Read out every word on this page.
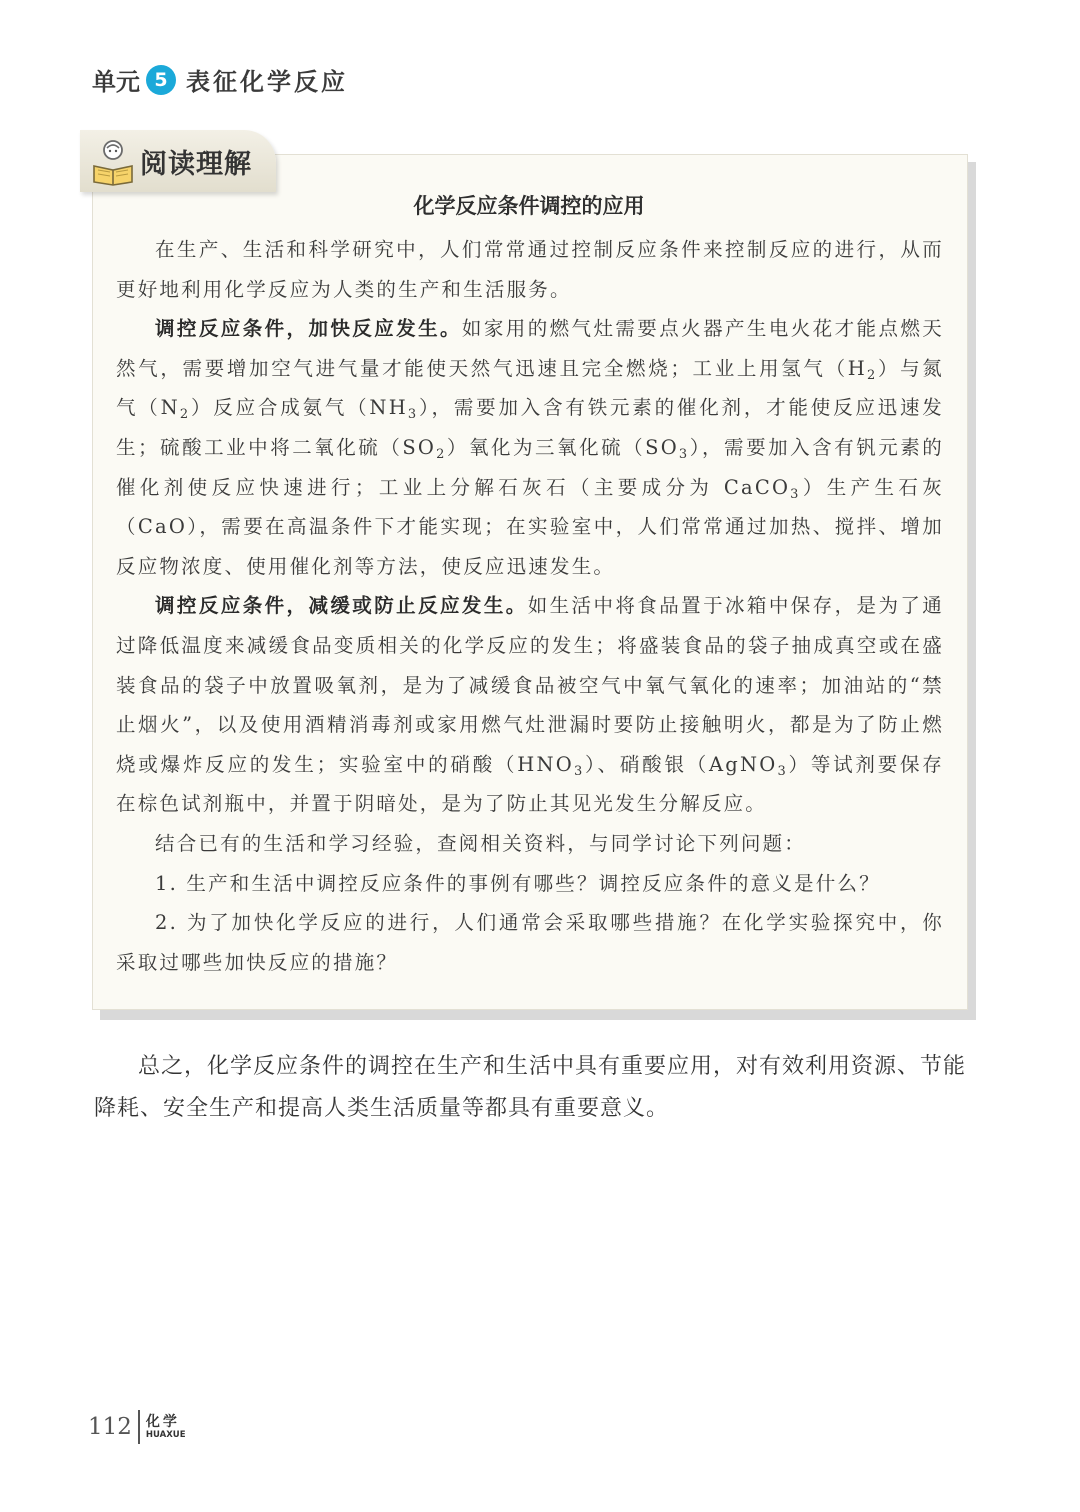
单元 5 表征化学反应
阅读理解
化学反应条件调控的应用

在生产、生活和科学研究中，人们常常通过控制反应条件来控制反应的进行，从而更好地利用化学反应为人类的生产和生活服务。

调控反应条件，加快反应发生。如家用的燃气灶需要点火器产生电火花才能点燃天然气，需要增加空气进气量才能使天然气迅速且完全燃烧；工业上用氢气$(H_2)$与氮气$(N_2)$反应合成氨气$(NH_3)$，需要加入含有铁元素的催化剂，才能使反应迅速发生；硫酸工业中将二氧化硫$(SO_2)$氧化为三氧化硫$(SO_3)$，需要加入含有钒元素的催化剂使反应快速进行；工业上分解石灰石（主要成分为 CaCO$_3$）生产生石灰（CaO），需要在高温条件下才能实现；在实验室中，人们常常通过加热、搅拌、增加反应物浓度、使用催化剂等方法，使反应迅速发生。

调控反应条件，减缓或防止反应发生。如生活中将食品置于冰箱中保存，是为了通过降低温度来减缓食品变质相关的化学反应的发生；将盛装食品的袋子抽成真空或在盛装食品的袋子中放置吸氧剂，是为了减缓食品被空气中氧气氧化的速率；加油站的“禁止烟火”，以及使用酒精消毒剂或家用燃气灶泄漏时要防止接触明火，都是为了防止燃烧或爆炸反应的发生；实验室中的硝酸$(HNO_3)$、硝酸银（AgNO$_3$）等试剂要保存在棕色试剂瓶中，并置于阴暗处，是为了防止其见光发生分解反应。

结合已有的生活和学习经验，查阅相关资料，与同学讨论下列问题：

1. 生产和生活中调控反应条件的事例有哪些？调控反应条件的意义是什么？

2. 为了加快化学反应的进行，人们通常会采取哪些措施？在化学实验探究中，你采取过哪些加快反应的措施？

总之，化学反应条件的调控在生产和生活中具有重要应用，对有效利用资源、节能降耗、安全生产和提高人类生活质量等都具有重要意义。

112 化学
HUAXUE
